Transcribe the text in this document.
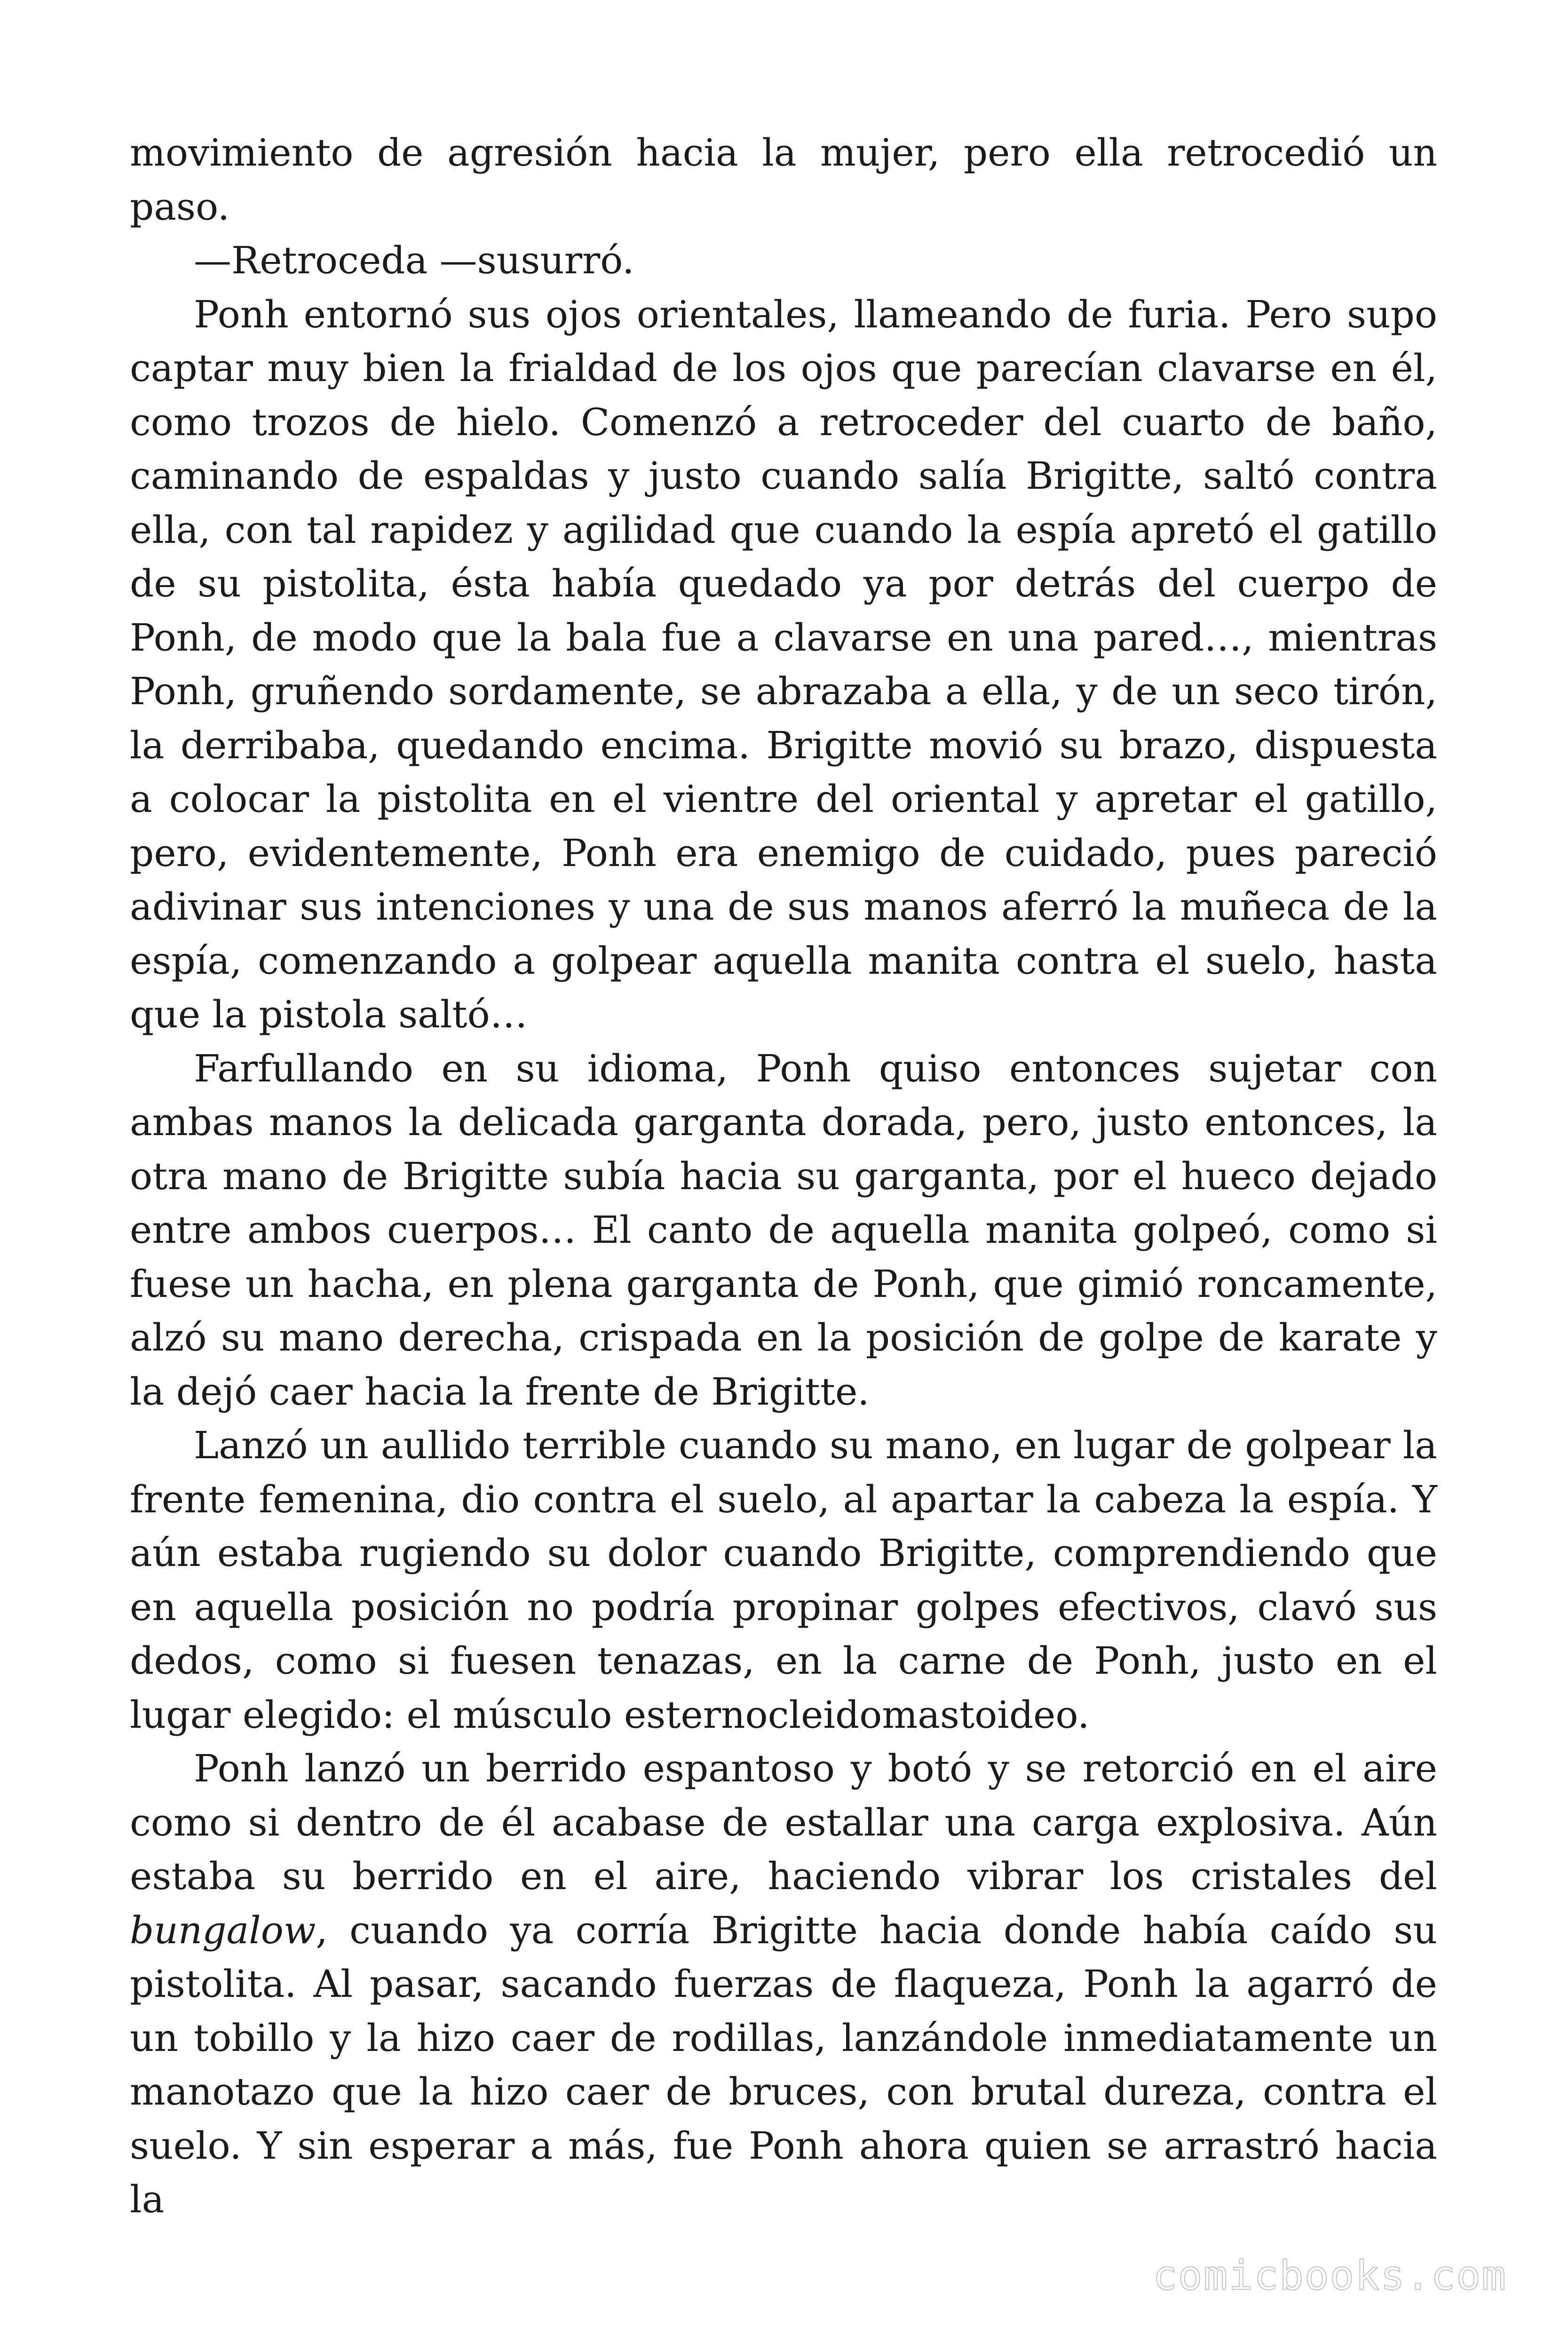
movimiento de agresión hacia la mujer, pero ella retrocedió un paso.

—Retroceda —susurró.

Ponh entornó sus ojos orientales, llameando de furia. Pero supo captar muy bien la frialdad de los ojos que parecían clavarse en él, como trozos de hielo. Comenzó a retroceder del cuarto de baño, caminando de espaldas y justo cuando salía Brigitte, saltó contra ella, con tal rapidez y agilidad que cuando la espía apretó el gatillo de su pistolita, ésta había quedado ya por detrás del cuerpo de Ponh, de modo que la bala fue a clavarse en una pared…, mientras Ponh, gruñendo sordamente, se abrazaba a ella, y de un seco tirón, la derribaba, quedando encima. Brigitte movió su brazo, dispuesta a colocar la pistolita en el vientre del oriental y apretar el gatillo, pero, evidentemente, Ponh era enemigo de cuidado, pues pareció adivinar sus intenciones y una de sus manos aferró la muñeca de la espía, comenzando a golpear aquella manita contra el suelo, hasta que la pistola saltó…

Farfullando en su idioma, Ponh quiso entonces sujetar con ambas manos la delicada garganta dorada, pero, justo entonces, la otra mano de Brigitte subía hacia su garganta, por el hueco dejado entre ambos cuerpos… El canto de aquella manita golpeó, como si fuese un hacha, en plena garganta de Ponh, que gimió roncamente, alzó su mano derecha, crispada en la posición de golpe de karate y la dejó caer hacia la frente de Brigitte.

Lanzó un aullido terrible cuando su mano, en lugar de golpear la frente femenina, dio contra el suelo, al apartar la cabeza la espía. Y aún estaba rugiendo su dolor cuando Brigitte, comprendiendo que en aquella posición no podría propinar golpes efectivos, clavó sus dedos, como si fuesen tenazas, en la carne de Ponh, justo en el lugar elegido: el músculo esternocleidomastoideo.

Ponh lanzó un berrido espantoso y botó y se retorció en el aire como si dentro de él acabase de estallar una carga explosiva. Aún estaba su berrido en el aire, haciendo vibrar los cristales del bungalow, cuando ya corría Brigitte hacia donde había caído su pistolita. Al pasar, sacando fuerzas de flaqueza, Ponh la agarró de un tobillo y la hizo caer de rodillas, lanzándole inmediatamente un manotazo que la hizo caer de bruces, con brutal dureza, contra el suelo. Y sin esperar a más, fue Ponh ahora quien se arrastró hacia la

comicbooks.com
